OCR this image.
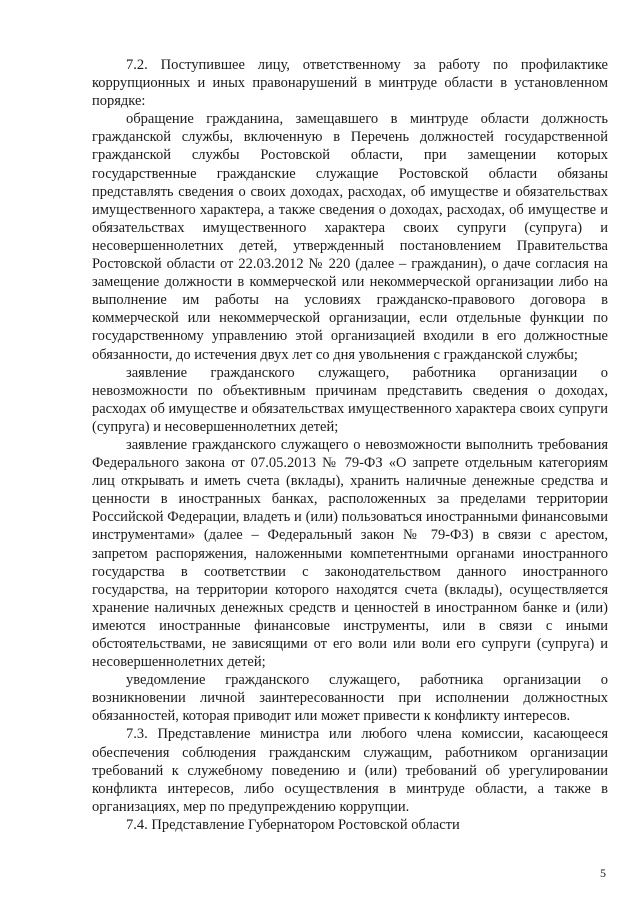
7.2. Поступившее лицу, ответственному за работу по профилактике коррупционных и иных правонарушений в минтруде области в установленном порядке:

обращение гражданина, замещавшего в минтруде области должность гражданской службы, включенную в Перечень должностей государственной гражданской службы Ростовской области, при замещении которых государственные гражданские служащие Ростовской области обязаны представлять сведения о своих доходах, расходах, об имуществе и обязательствах имущественного характера, а также сведения о доходах, расходах, об имуществе и обязательствах имущественного характера своих супруги (супруга) и несовершеннолетних детей, утвержденный постановлением Правительства Ростовской области от 22.03.2012 № 220 (далее – гражданин), о даче согласия на замещение должности в коммерческой или некоммерческой организации либо на выполнение им работы на условиях гражданско-правового договора в коммерческой или некоммерческой организации, если отдельные функции по государственному управлению этой организацией входили в его должностные обязанности, до истечения двух лет со дня увольнения с гражданской службы;

заявление гражданского служащего, работника организации о невозможности по объективным причинам представить сведения о доходах, расходах об имуществе и обязательствах имущественного характера своих супруги (супруга) и несовершеннолетних детей;

заявление гражданского служащего о невозможности выполнить требования Федерального закона от 07.05.2013 № 79-ФЗ «О запрете отдельным категориям лиц открывать и иметь счета (вклады), хранить наличные денежные средства и ценности в иностранных банках, расположенных за пределами территории Российской Федерации, владеть и (или) пользоваться иностранными финансовыми инструментами» (далее – Федеральный закон № 79-ФЗ) в связи с арестом, запретом распоряжения, наложенными компетентными органами иностранного государства в соответствии с законодательством данного иностранного государства, на территории которого находятся счета (вклады), осуществляется хранение наличных денежных средств и ценностей в иностранном банке и (или) имеются иностранные финансовые инструменты, или в связи с иными обстоятельствами, не зависящими от его воли или воли его супруги (супруга) и несовершеннолетних детей;

уведомление гражданского служащего, работника организации о возникновении личной заинтересованности при исполнении должностных обязанностей, которая приводит или может привести к конфликту интересов.

7.3. Представление министра или любого члена комиссии, касающееся обеспечения соблюдения гражданским служащим, работником организации требований к служебному поведению и (или) требований об урегулировании конфликта интересов, либо осуществления в минтруде области, а также в организациях, мер по предупреждению коррупции.

7.4. Представление Губернатором Ростовской области

5
